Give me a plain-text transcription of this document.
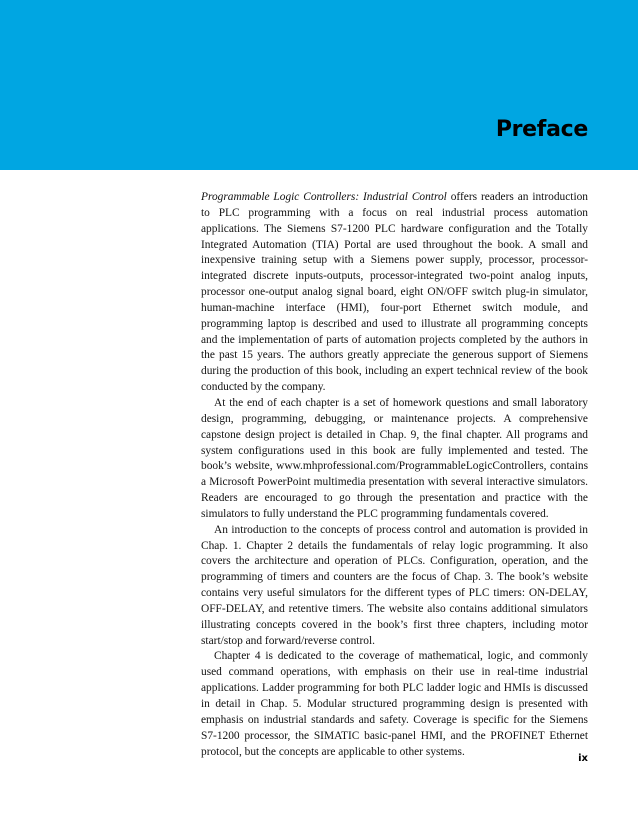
Preface

Programmable Logic Controllers: Industrial Control offers readers an introduction to PLC programming with a focus on real industrial process automation applications. The Siemens S7-1200 PLC hardware configuration and the Totally Integrated Automation (TIA) Portal are used throughout the book. A small and inexpensive training setup with a Siemens power supply, processor, processor-integrated discrete inputs-outputs, processor-integrated two-point analog inputs, processor one-output analog signal board, eight ON/OFF switch plug-in simulator, human-machine interface (HMI), four-port Ethernet switch module, and programming laptop is described and used to illustrate all programming concepts and the implementation of parts of automation projects completed by the authors in the past 15 years. The authors greatly appreciate the generous support of Siemens during the production of this book, including an expert technical review of the book conducted by the company.

At the end of each chapter is a set of homework questions and small laboratory design, programming, debugging, or maintenance projects. A comprehensive capstone design project is detailed in Chap. 9, the final chapter. All programs and system configurations used in this book are fully implemented and tested. The book’s website, www.mhprofessional.com/ProgrammableLogicControllers, contains a Microsoft PowerPoint multimedia presentation with several interactive simulators. Readers are encouraged to go through the presentation and practice with the simulators to fully understand the PLC programming fundamentals covered.

An introduction to the concepts of process control and automation is provided in Chap. 1. Chapter 2 details the fundamentals of relay logic programming. It also covers the architecture and operation of PLCs. Configuration, operation, and the programming of timers and counters are the focus of Chap. 3. The book’s website contains very useful simulators for the different types of PLC timers: ON-DELAY, OFF-DELAY, and retentive timers. The website also contains additional simulators illustrating concepts covered in the book’s first three chapters, including motor start/stop and forward/reverse control.

Chapter 4 is dedicated to the coverage of mathematical, logic, and commonly used command operations, with emphasis on their use in real-time industrial applications. Ladder programming for both PLC ladder logic and HMIs is discussed in detail in Chap. 5. Modular structured programming design is presented with emphasis on industrial standards and safety. Coverage is specific for the Siemens S7-1200 processor, the SIMATIC basic-panel HMI, and the PROFINET Ethernet protocol, but the concepts are applicable to other systems.

ix
